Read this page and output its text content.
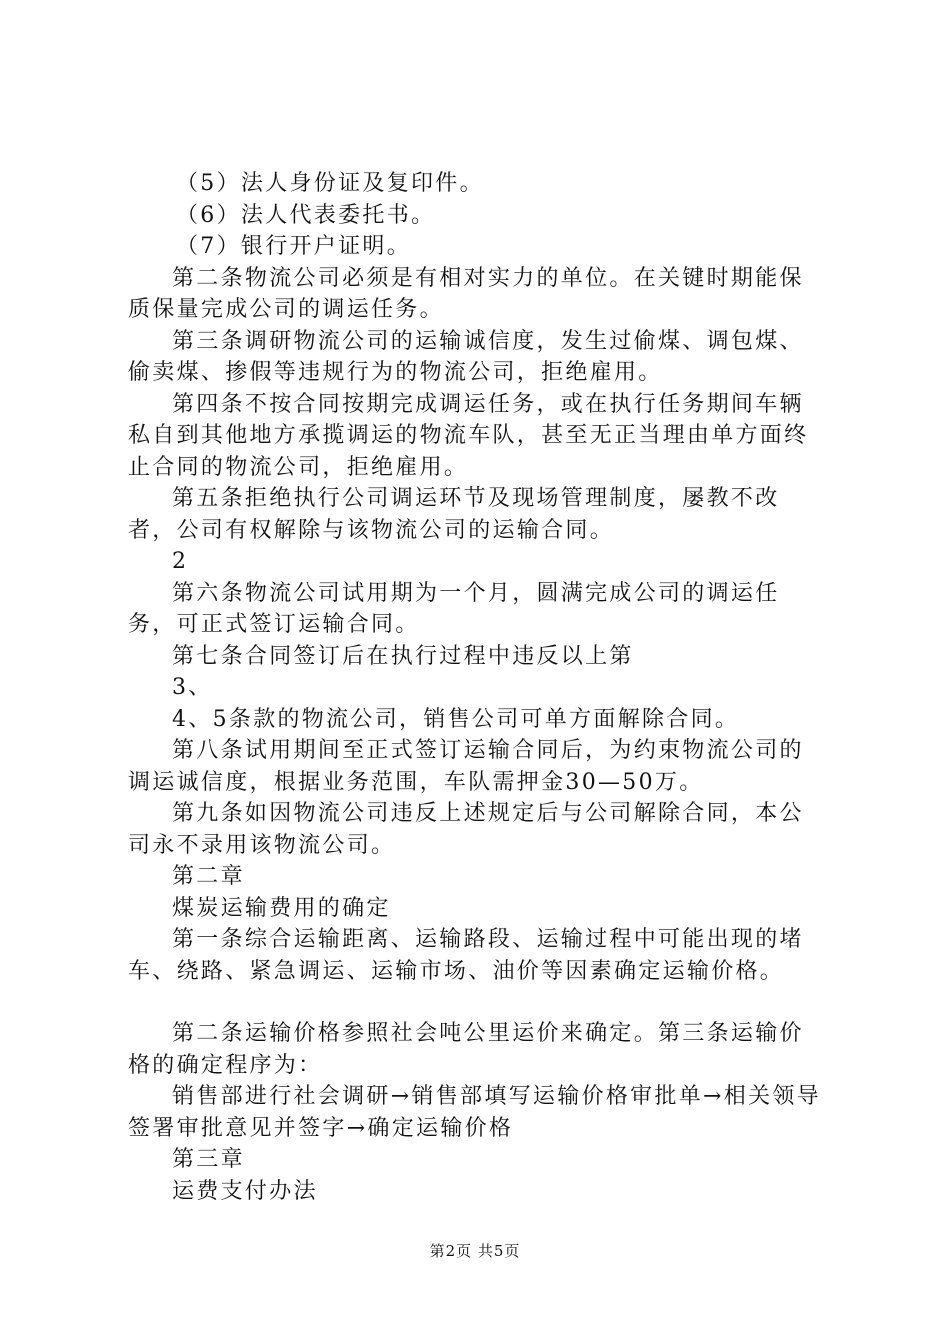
（5）法人身份证及复印件。

（6）法人代表委托书。

（7）银行开户证明。

第二条物流公司必须是有相对实力的单位。在关键时期能保质保量完成公司的调运任务。

第三条调研物流公司的运输诚信度，发生过偷煤、调包煤、偷卖煤、掺假等违规行为的物流公司，拒绝雇用。

第四条不按合同按期完成调运任务，或在执行任务期间车辆私自到其他地方承揽调运的物流车队，甚至无正当理由单方面终止合同的物流公司，拒绝雇用。

第五条拒绝执行公司调运环节及现场管理制度，屡教不改者，公司有权解除与该物流公司的运输合同。

2

第六条物流公司试用期为一个月，圆满完成公司的调运任务，可正式签订运输合同。

第七条合同签订后在执行过程中违反以上第

3、

4、5条款的物流公司，销售公司可单方面解除合同。

第八条试用期间至正式签订运输合同后，为约束物流公司的调运诚信度，根据业务范围，车队需押金30—50万。

第九条如因物流公司违反上述规定后与公司解除合同，本公司永不录用该物流公司。

第二章

煤炭运输费用的确定

第一条综合运输距离、运输路段、运输过程中可能出现的堵车、绕路、紧急调运、运输市场、油价等因素确定运输价格。

第二条运输价格参照社会吨公里运价来确定。第三条运输价格的确定程序为：

销售部进行社会调研→销售部填写运输价格审批单→相关领导签署审批意见并签字→确定运输价格

第三章

运费支付办法

第2页 共5页
